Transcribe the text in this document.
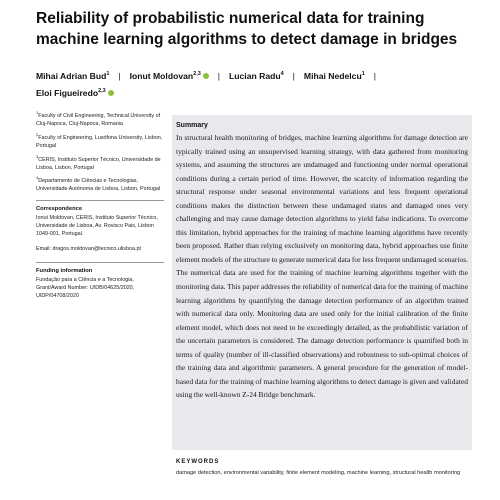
Reliability of probabilistic numerical data for training machine learning algorithms to detect damage in bridges
Mihai Adrian Bud$^1$ | Ionut Moldovan$^{2,3}$ | Lucian Radu$^4$ | Mihai Nedelcu$^1$ |
Eloi Figueiredo$^{2,3}$
$^1$Faculty of Civil Engineering, Technical University of Cluj-Napoca, Cluj-Napoca, Romania
$^2$Faculty of Engineering, Lusófona University, Lisbon, Portugal
$^3$CERIS, Instituto Superior Técnico, Universidade de Lisboa, Lisbon, Portugal
$^4$Departamento de Ciências e Tecnologias, Universidade Autónoma de Lisboa, Lisbon, Portugal
Correspondence
Ionut Moldovan, CERIS, Instituto Superior Técnico, Universidade de Lisboa, Av. Rovisco Pais, Lisbon 1049-001, Portugal.
Email: dragos.moldovan@tecnico.ulisboa.pt
Funding information
Fundação para a Ciência e a Tecnologia, Grant/Award Number: UIDB/04625/2020, UIDP/04708/2020
Summary

In structural health monitoring of bridges, machine learning algorithms for damage detection are typically trained using an unsupervised learning strategy, with data gathered from monitoring systems, and assuming the structures are undamaged and functioning under normal operational conditions during a certain period of time. However, the scarcity of information regarding the structural response under seasonal environmental variations and less frequent operational conditions makes the distinction between these undamaged states and damaged ones very challenging and may cause damage detection algorithms to yield false indications. To overcome this limitation, hybrid approaches for the training of machine learning algorithms have recently been proposed. Rather than relying exclusively on monitoring data, hybrid approaches use finite element models of the structure to generate numerical data for less frequent undamaged scenarios. The numerical data are used for the training of machine learning algorithms together with the monitoring data. This paper addresses the reliability of numerical data for the training of machine learning algorithms by quantifying the damage detection performance of an algorithm trained with numerical data only. Monitoring data are used only for the initial calibration of the finite element model, which does not need to be exceedingly detailed, as the probabilistic variation of the uncertain parameters is considered. The damage detection performance is quantified both in terms of quality (number of ill-classified observations) and robustness to sub-optimal choices of the training data and algorithmic parameters. A general procedure for the generation of model-based data for the training of machine learning algorithms to detect damage is given and validated using the well-known Z-24 Bridge benchmark.

KEYWORDS

damage detection, environmental variability, finite element modeling, machine learning, structural health monitoring
